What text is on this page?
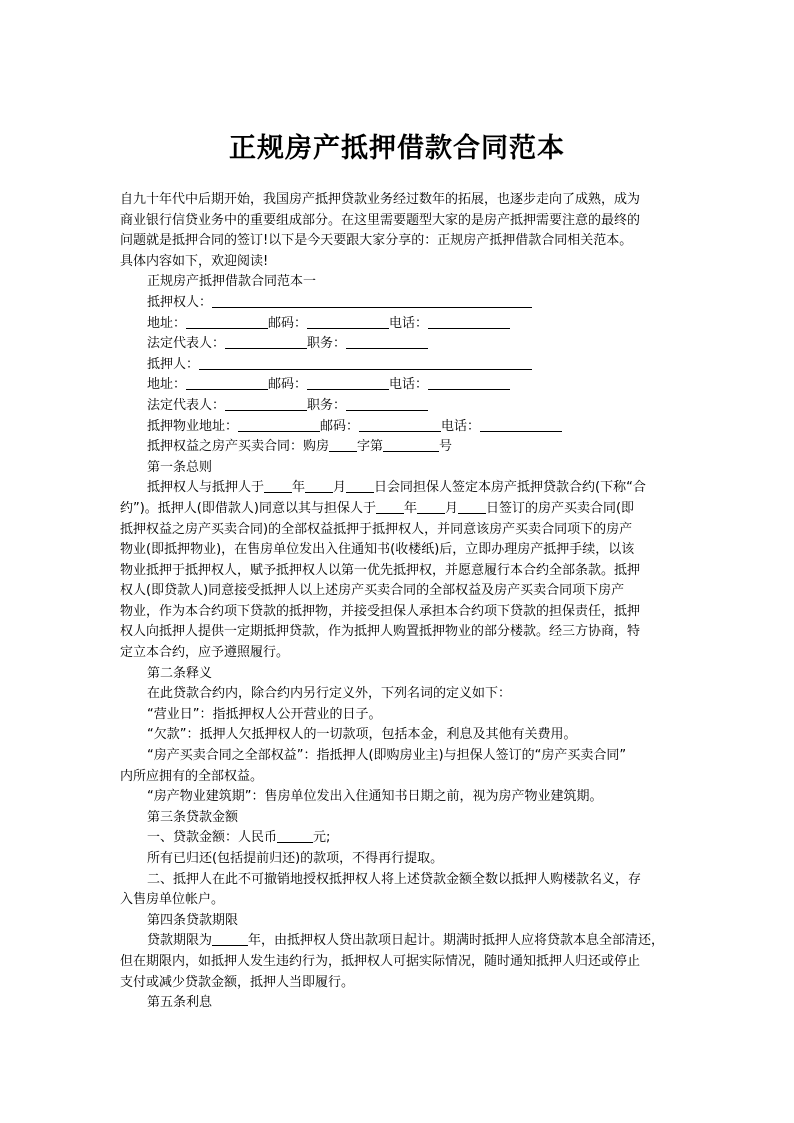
正规房产抵押借款合同范本
自九十年代中后期开始，我国房产抵押贷款业务经过数年的拓展，也逐步走向了成熟，成为
商业银行信贷业务中的重要组成部分。在这里需要题型大家的是房产抵押需要注意的最终的
问题就是抵押合同的签订!以下是今天要跟大家分享的：正规房产抵押借款合同相关范本。
具体内容如下，欢迎阅读!
正规房产抵押借款合同范本一
抵押权人：
地址：	邮码：	电话：
法定代表人：	职务：
抵押人：
地址：	邮码：	电话：
法定代表人：	职务：
抵押物业地址：	邮码：	电话：
抵押权益之房产买卖合同：购房 字第	号
第一条总则
抵押权人与抵押人于 年 月 日会同担保人签定本房产抵押贷款合约(下称“合
约”)。抵押人(即借款人)同意以其与担保人于 年 月 日签订的房产买卖合同(即
抵押权益之房产买卖合同)的全部权益抵押于抵押权人，并同意该房产买卖合同项下的房产
物业(即抵押物业)，在售房单位发出入住通知书(收楼纸)后，立即办理房产抵押手续，以该
物业抵押于抵押权人，赋予抵押权人以第一优先抵押权，并愿意履行本合约全部条款。抵押
权人(即贷款人)同意接受抵押人以上述房产买卖合同的全部权益及房产买卖合同项下房产
物业，作为本合约项下贷款的抵押物，并接受担保人承担本合约项下贷款的担保责任，抵押
权人向抵押人提供一定期抵押贷款，作为抵押人购置抵押物业的部分楼款。经三方协商，特
定立本合约，应予遵照履行。
第二条释义
在此贷款合约内，除合约内另行定义外，下列名词的定义如下：
“营业日”：指抵押权人公开营业的日子。
“欠款”：抵押人欠抵押权人的一切款项，包括本金，利息及其他有关费用。
“房产买卖合同之全部权益”：指抵押人(即购房业主)与担保人签订的“房产买卖合同”
内所应拥有的全部权益。
“房产物业建筑期”：售房单位发出入住通知书日期之前，视为房产物业建筑期。
第三条贷款金额
一、贷款金额：人民币	元;
所有已归还(包括提前归还)的款项，不得再行提取。
二、抵押人在此不可撤销地授权抵押权人将上述贷款金额全数以抵押人购楼款名义，存
入售房单位帐户。
第四条贷款期限
贷款期限为	年，由抵押权人贷出款项日起计。期满时抵押人应将贷款本息全部清还，
但在期限内，如抵押人发生违约行为，抵押权人可据实际情况，随时通知抵押人归还或停止
支付或减少贷款金额，抵押人当即履行。
第五条利息
